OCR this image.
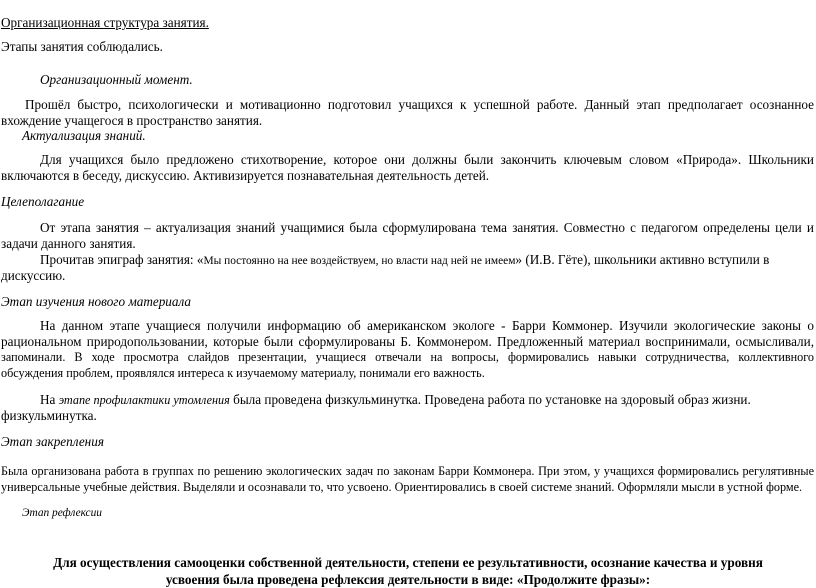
Организационная структура занятия.
Этапы занятия соблюдались.
Организационный момент.
Прошёл быстро, психологически и мотивационно подготовил учащихся к успешной работе. Данный этап предполагает осознанное
вхождение учащегося в пространство занятия.
Актуализация знаний.
Для учащихся было предложено стихотворение, которое они должны были закончить ключевым словом «Природа». Школьники
включаются в беседу, дискуссию. Активизируется познавательная деятельность детей.
Целеполагание
От этапа занятия – актуализация знаний учащимися была сформулирована тема занятия. Совместно с педагогом определены цели и
задачи данного занятия.
Прочитав эпиграф занятия: «Мы постоянно на нее воздействуем, но власти над ней не имеем» (И.В. Гёте), школьники активно вступили в
дискуссию.
Этап изучения нового материала
На данном этапе учащиеся получили информацию об американском экологе - Барри Коммонер. Изучили экологические законы о
рациональном природопользовании, которые были сформулированы Б. Коммонером. Предложенный материал воспринимали, осмысливали,
запоминали. В ходе просмотра слайдов презентации, учащиеся отвечали на вопросы, формировались навыки сотрудничества, коллективного
обсуждения проблем, проявлялся интереса к изучаемому материалу, понимали его важность.
На этапе профилактики утомления была проведена физкульминутка. Проведена работа по установке на здоровый образ жизни.
физкульминутка.
Этап закрепления
Была организована работа в группах по решению экологических задач по законам Барри Коммонера. При этом, у учащихся формировались регулятивные
универсальные учебные действия. Выделяли и осознавали то, что усвоено. Ориентировались в своей системе знаний. Оформляли мысли в устной форме.
Этап рефлексии
Для осуществления самооценки собственной деятельности, степени ее результативности, осознание качества и уровня
усвоения была проведена рефлексия деятельности в виде: «Продолжите фразы»:
